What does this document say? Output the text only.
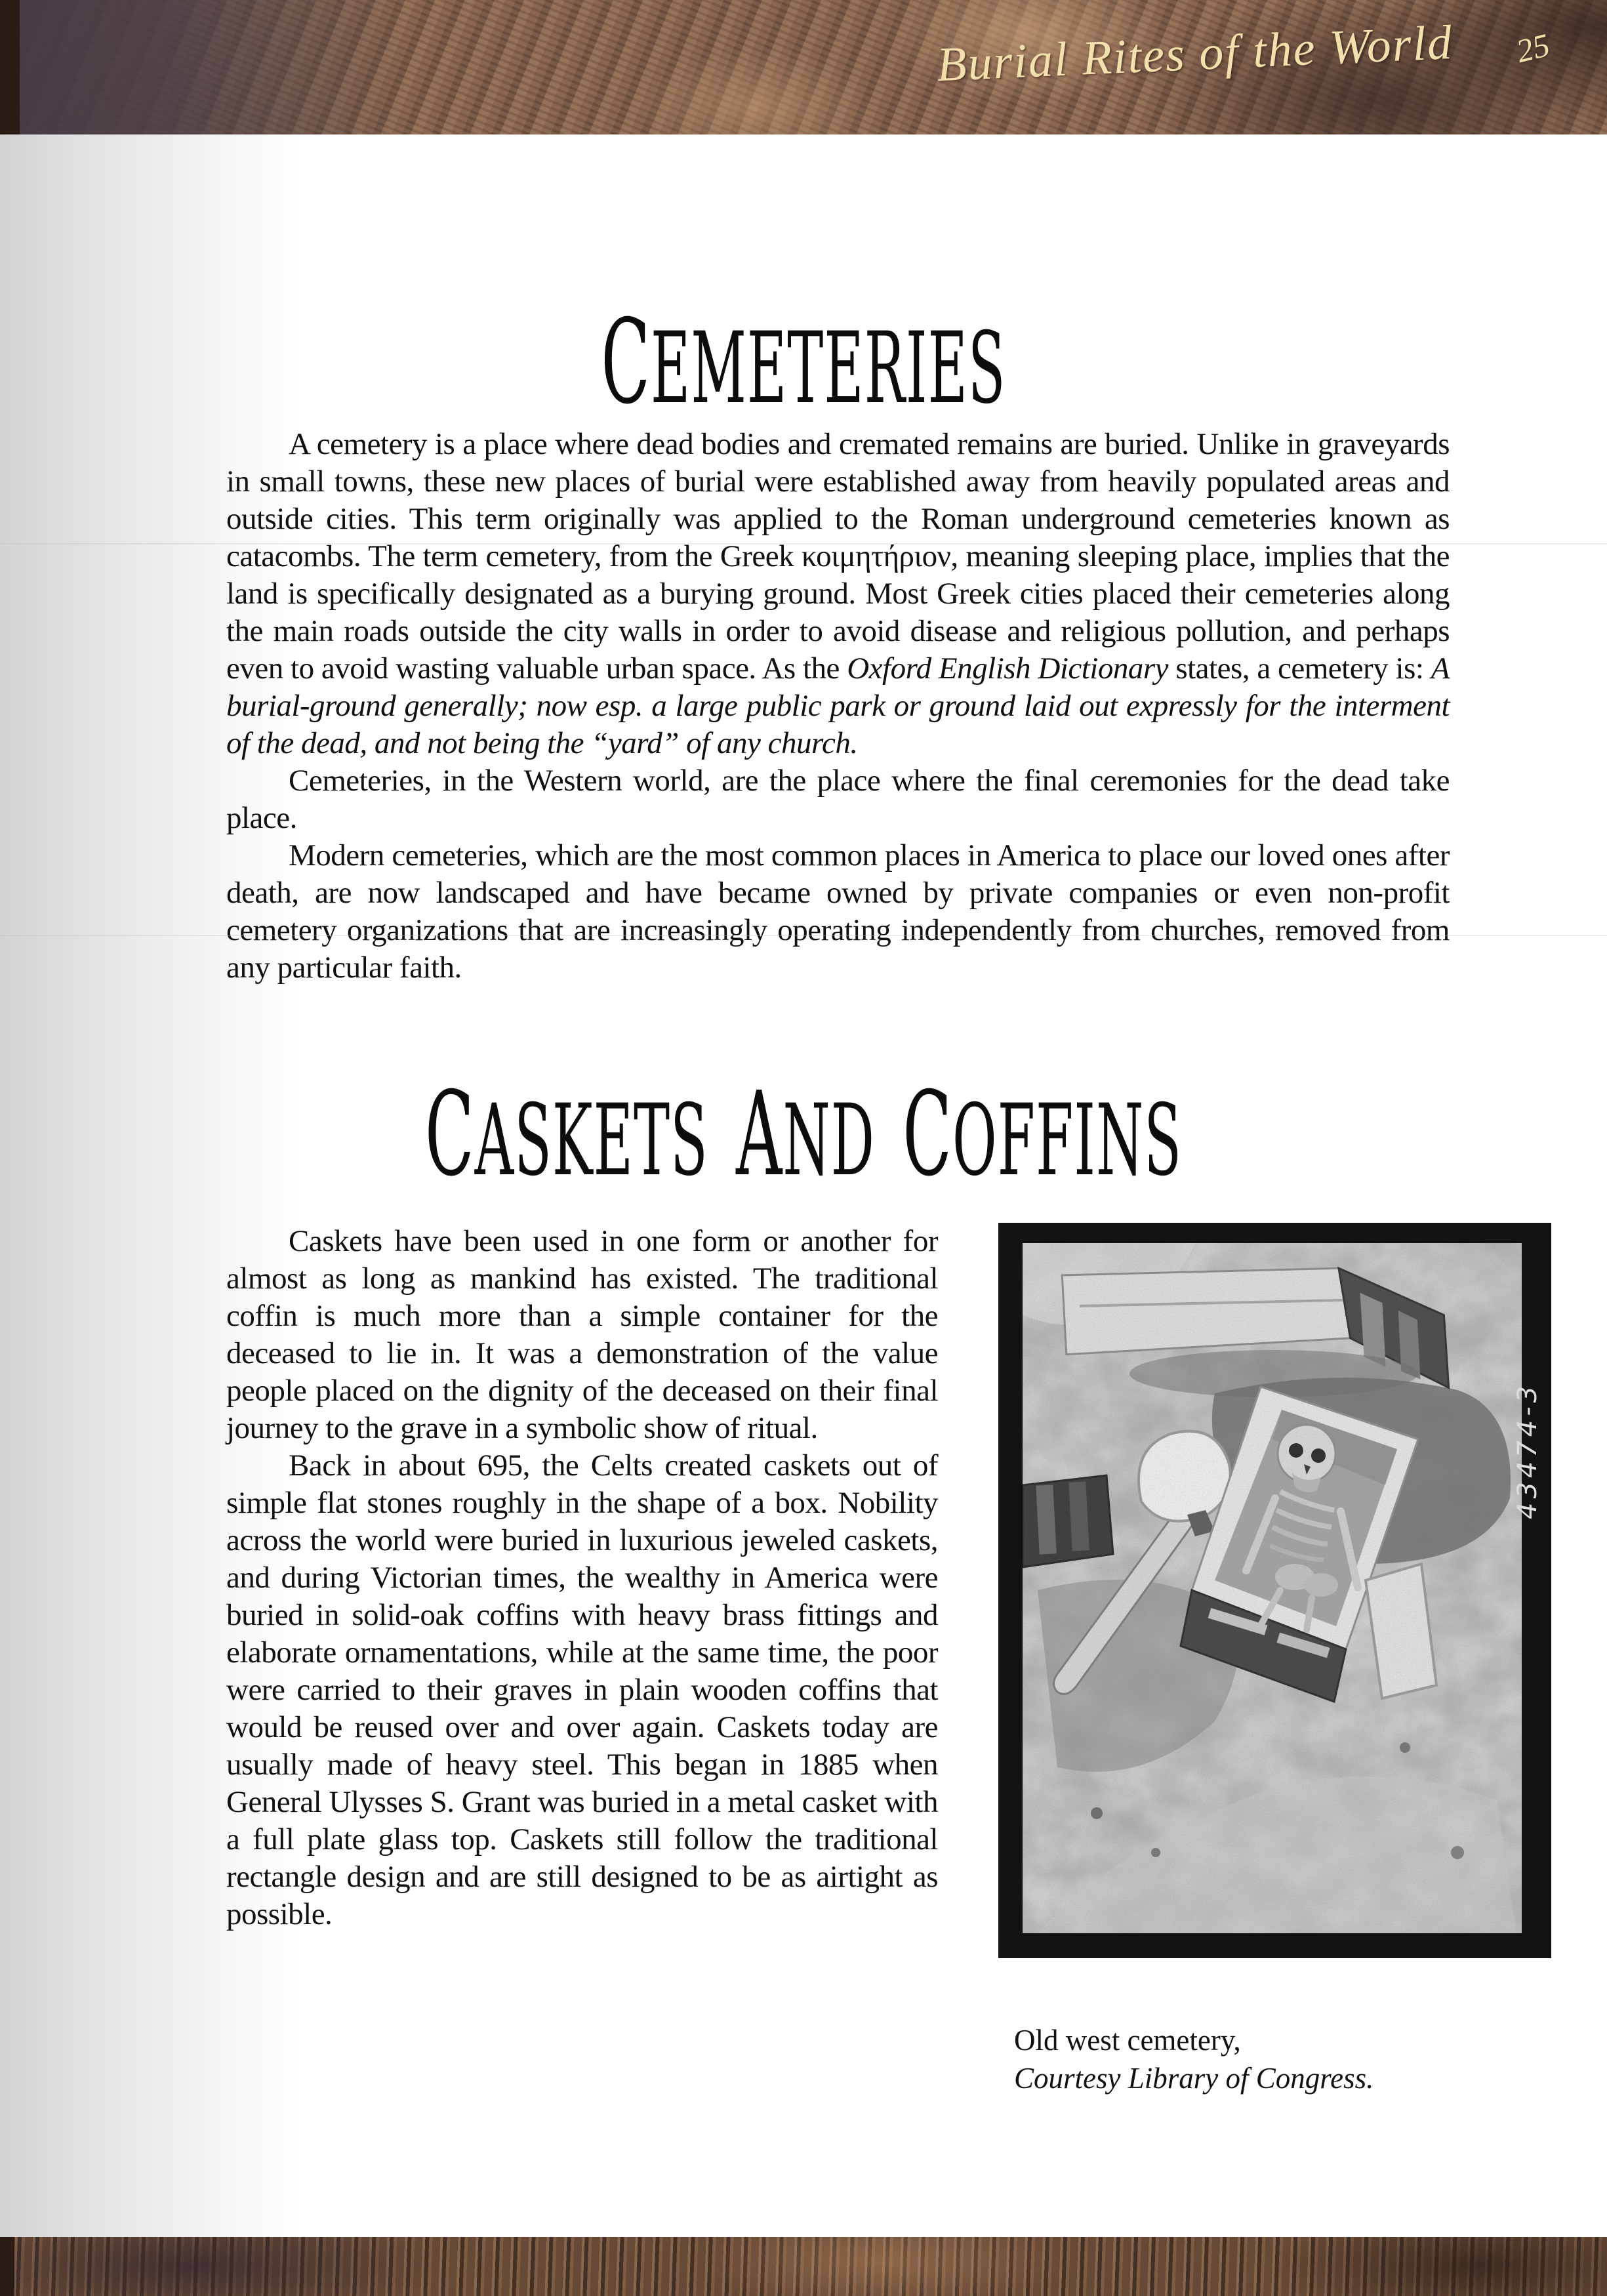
Burial Rites of the World 25
CEMETERIES

A cemetery is a place where dead bodies and cremated remains are buried. Unlike in graveyards in small towns, these new places of burial were established away from heavily populated areas and outside cities. This term originally was applied to the Roman underground cemeteries known as catacombs. The term cemetery, from the Greek κοιμητήριον, meaning sleeping place, implies that the land is specifically designated as a burying ground. Most Greek cities placed their cemeteries along the main roads outside the city walls in order to avoid disease and religious pollution, and perhaps even to avoid wasting valuable urban space. As the Oxford English Dictionary states, a cemetery is: A burial-ground generally; now esp. a large public park or ground laid out expressly for the interment of the dead, and not being the “yard” of any church.

Cemeteries, in the Western world, are the place where the final ceremonies for the dead take place.

Modern cemeteries, which are the most common places in America to place our loved ones after death, are now landscaped and have became owned by private companies or even non-profit cemetery organizations that are increasingly operating independently from churches, removed from any particular faith.

CASKETS  AND  COFFINS

Caskets have been used in one form or another for almost as long as mankind has existed. The traditional coffin is much more than a simple container for the deceased to lie in. It was a demonstration of the value people placed on the dignity of the deceased on their final journey to the grave in a symbolic show of ritual.

Back in about 695, the Celts created caskets out of simple flat stones roughly in the shape of a box. Nobility across the world were buried in luxurious jeweled caskets, and during Victorian times, the wealthy in America were buried in solid-oak coffins with heavy brass fittings and elaborate ornamentations, while at the same time, the poor were carried to their graves in plain wooden coffins that would be reused over and over again. Caskets today are usually made of heavy steel. This began in 1885 when General Ulysses S. Grant was buried in a metal casket with a full plate glass top. Caskets still follow the traditional rectangle design and are still designed to be as airtight as possible.

43474-3
Old west cemetery,
Courtesy Library of Congress.
